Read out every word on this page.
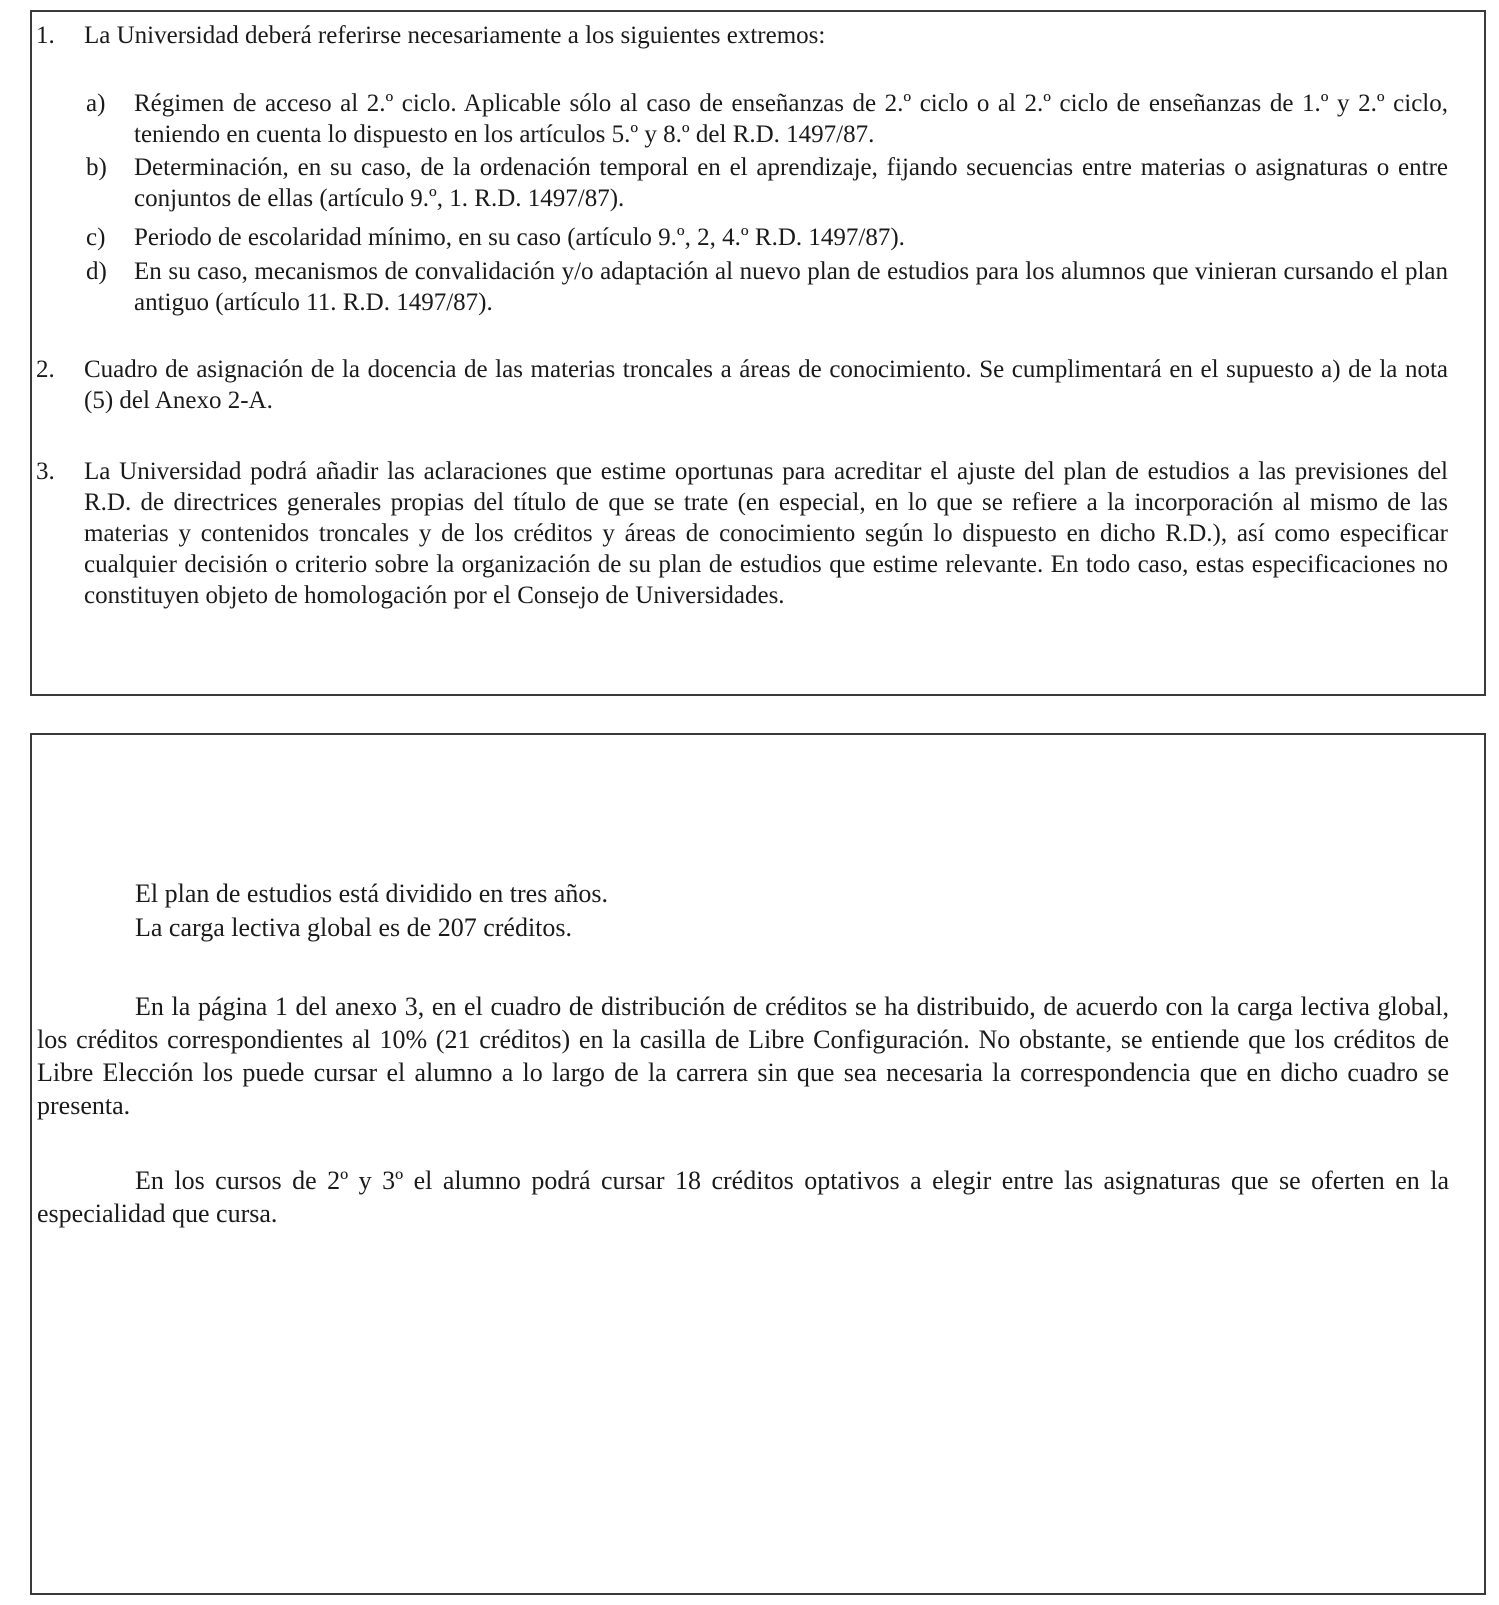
1. La Universidad deberá referirse necesariamente a los siguientes extremos:
a) Régimen de acceso al 2.º ciclo. Aplicable sólo al caso de enseñanzas de 2.º ciclo o al 2.º ciclo de enseñanzas de 1.º y 2.º ciclo, teniendo en cuenta lo dispuesto en los artículos 5.º y 8.º del R.D. 1497/87.
b) Determinación, en su caso, de la ordenación temporal en el aprendizaje, fijando secuencias entre materias o asignaturas o entre conjuntos de ellas (artículo 9.º, 1. R.D. 1497/87).
c) Periodo de escolaridad mínimo, en su caso (artículo 9.º, 2, 4.º R.D. 1497/87).
d) En su caso, mecanismos de convalidación y/o adaptación al nuevo plan de estudios para los alumnos que vinieran cursando el plan antiguo (artículo 11. R.D. 1497/87).
2. Cuadro de asignación de la docencia de las materias troncales a áreas de conocimiento. Se cumplimentará en el supuesto a) de la nota (5) del Anexo 2-A.
3. La Universidad podrá añadir las aclaraciones que estime oportunas para acreditar el ajuste del plan de estudios a las previsiones del R.D. de directrices generales propias del título de que se trate (en especial, en lo que se refiere a la incorporación al mismo de las materias y contenidos troncales y de los créditos y áreas de conocimiento según lo dispuesto en dicho R.D.), así como especificar cualquier decisión o criterio sobre la organización de su plan de estudios que estime relevante. En todo caso, estas especificaciones no constituyen objeto de homologación por el Consejo de Universidades.
El plan de estudios está dividido en tres años.
La carga lectiva global es de 207 créditos.
En la página 1 del anexo 3, en el cuadro de distribución de créditos se ha distribuido, de acuerdo con la carga lectiva global, los créditos correspondientes al 10% (21 créditos) en la casilla de Libre Configuración. No obstante, se entiende que los créditos de Libre Elección los puede cursar el alumno a lo largo de la carrera sin que sea necesaria la correspondencia que en dicho cuadro se presenta.
En los cursos de 2º y 3º el alumno podrá cursar 18 créditos optativos a elegir entre las asignaturas que se oferten en la especialidad que cursa.
